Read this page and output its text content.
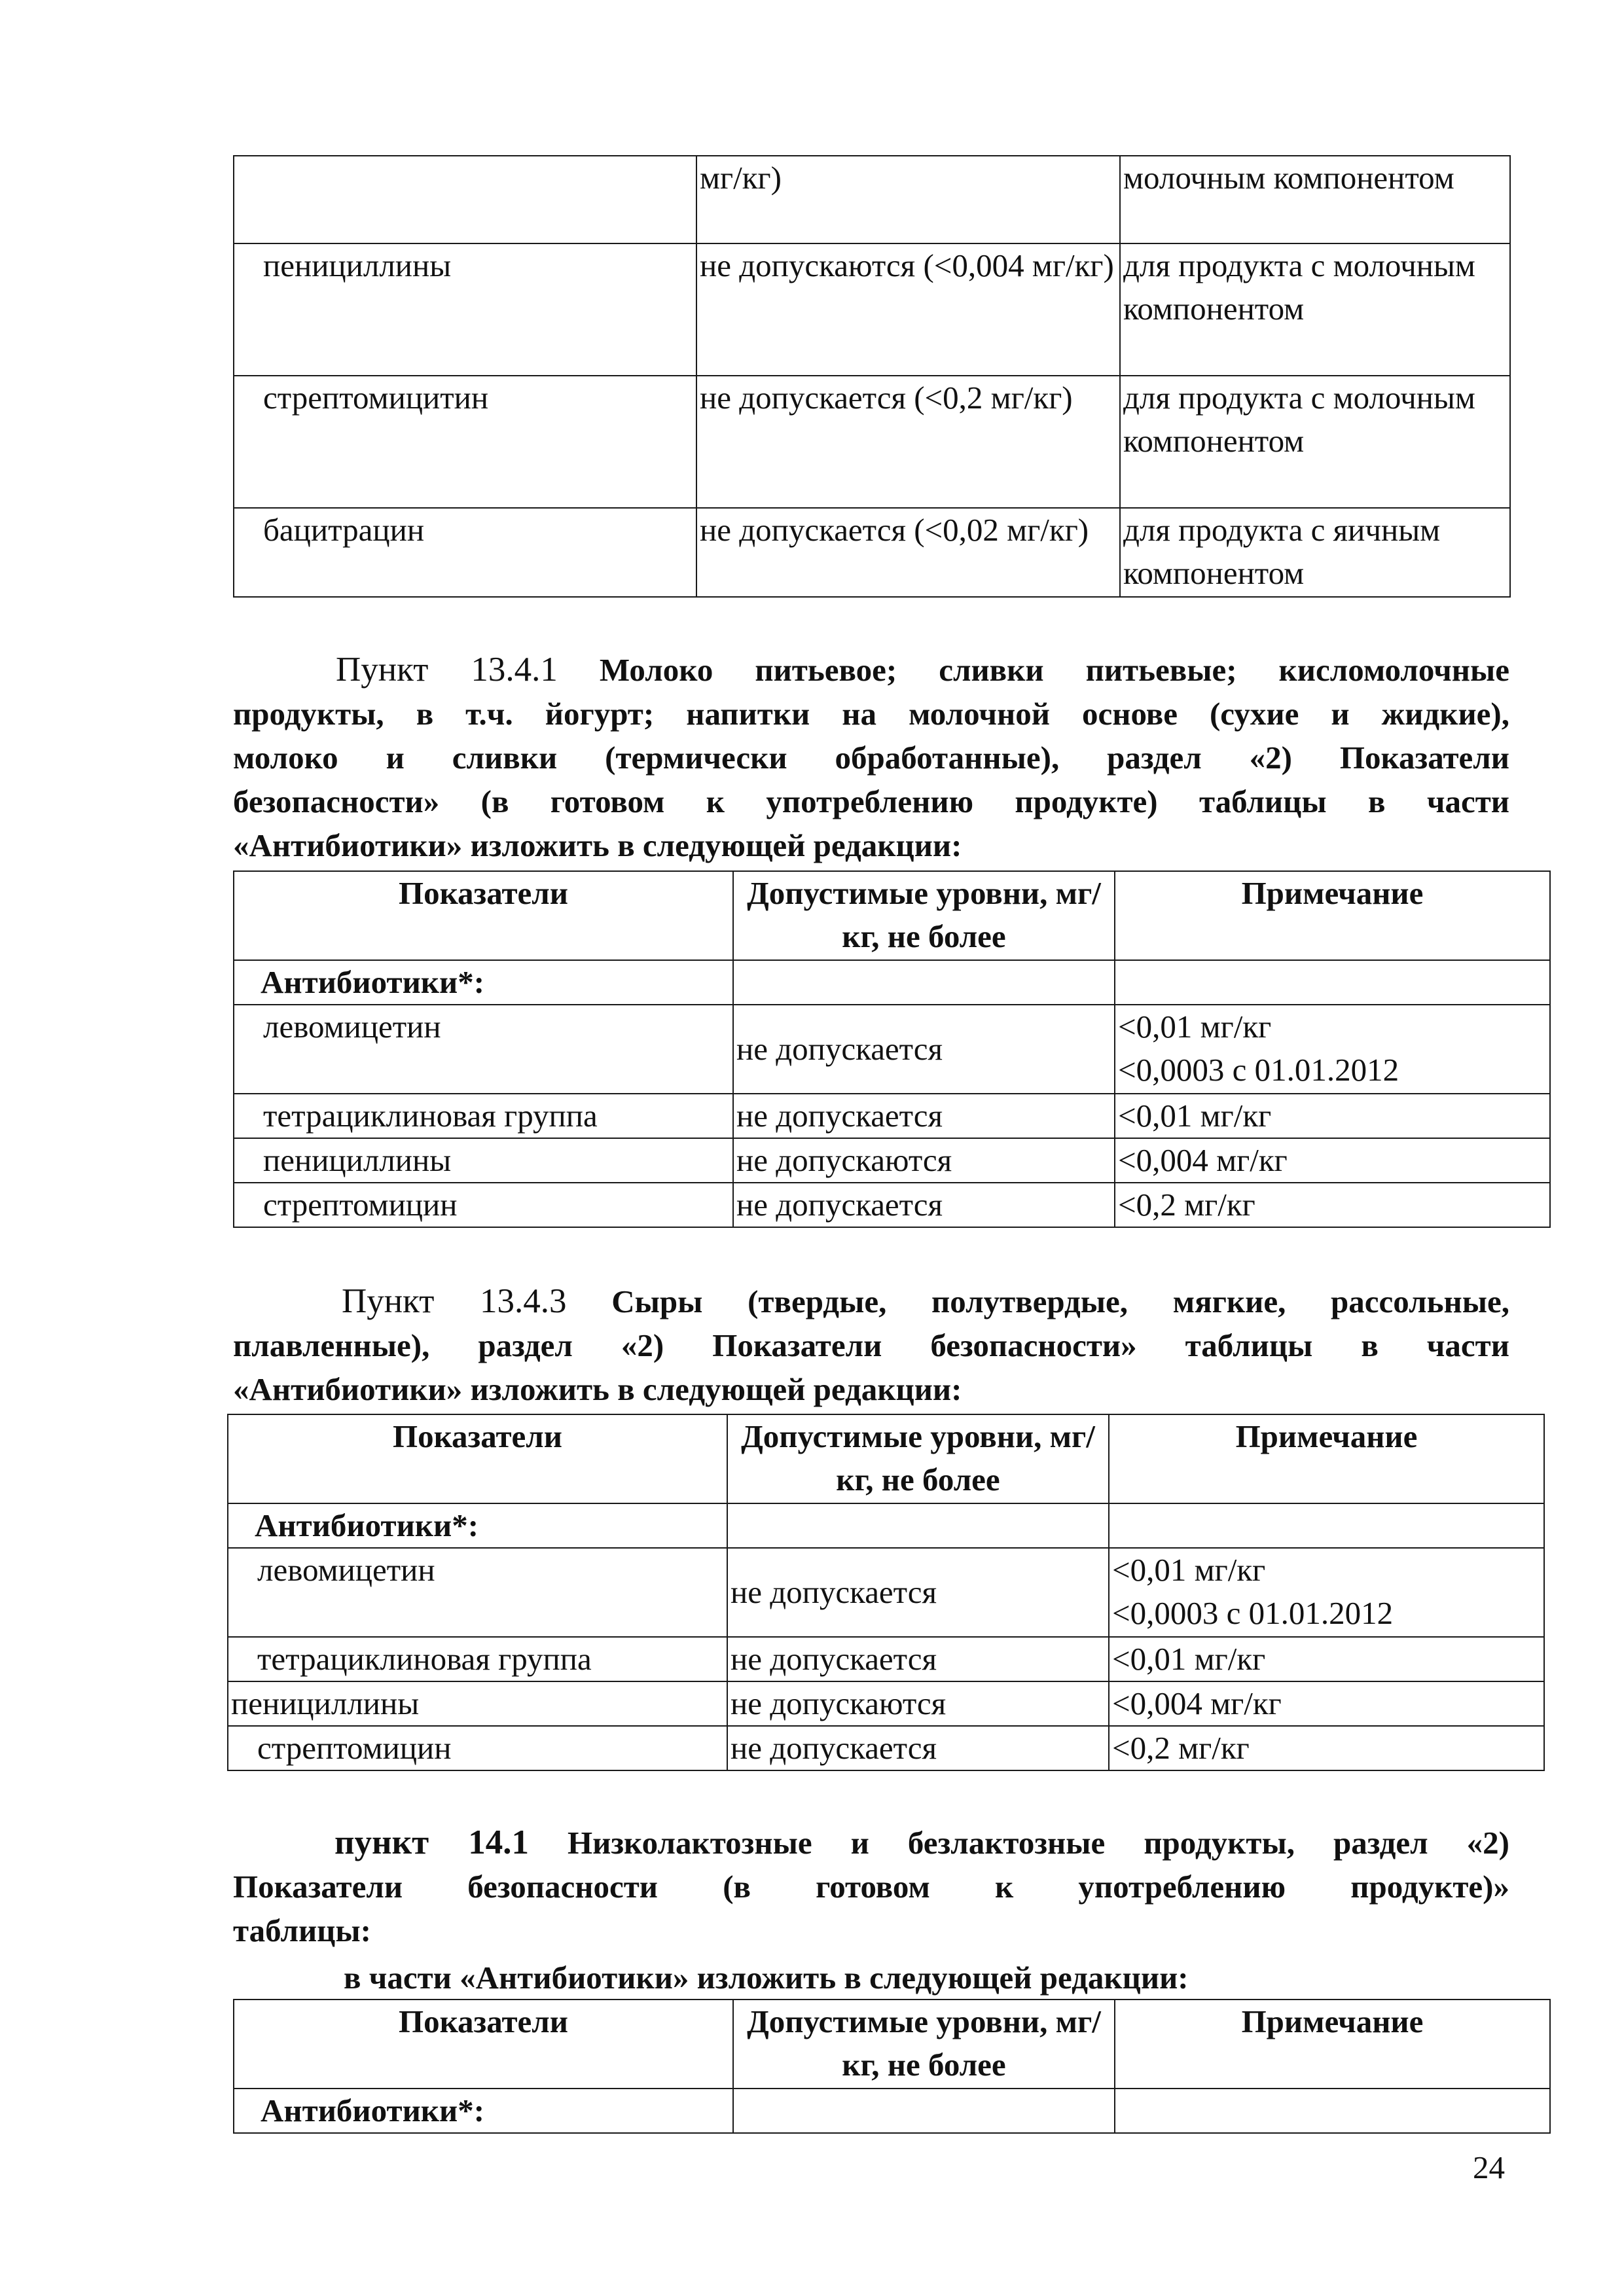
	мг/кг)	молочным компонентом
пенициллины	не допускаются (<0,004 мг/кг)	для продукта с молочным компонентом
стрептомицитин	не допускается (<0,2 мг/кг)	для продукта с молочным компонентом
бацитрацин	не допускается (<0,02 мг/кг)	для продукта с яичным компонентом
Пункт 13.4.1 Молоко питьевое; сливки питьевые; кисломолочные
продукты, в т.ч. йогурт; напитки на молочной основе (сухие и жидкие),
молоко и сливки (термически обработанные), раздел «2) Показатели
безопасности» (в готовом к употреблению продукте) таблицы в части
«Антибиотики» изложить в следующей редакции:
Показатели	Допустимые уровни, мг/кг, не более	Примечание
Антибиотики*:		
левомицетин	не допускается	<0,01 мг/кг
<0,0003 с 01.01.2012

тетрациклиновая группа	не допускается	<0,01 мг/кг
пенициллины	не допускаются	<0,004 мг/кг
стрептомицин	не допускается	<0,2 мг/кг
Пункт 13.4.3 Сыры (твердые, полутвердые, мягкие, рассольные,
плавленные), раздел «2) Показатели безопасности» таблицы в части
«Антибиотики» изложить в следующей редакции:
Показатели	Допустимые уровни, мг/кг, не более	Примечание
Антибиотики*:		
левомицетин	не допускается	<0,01 мг/кг
<0,0003 с 01.01.2012

тетрациклиновая группа	не допускается	<0,01 мг/кг
пенициллины	не допускаются	<0,004 мг/кг
стрептомицин	не допускается	<0,2 мг/кг
пункт 14.1 Низколактозные и безлактозные продукты, раздел «2)
Показатели безопасности (в готовом к употреблению продукте)»
таблицы:

в части «Антибиотики» изложить в следующей редакции:

Показатели	Допустимые уровни, мг/кг, не более	Примечание
Антибиотики*:		

24
